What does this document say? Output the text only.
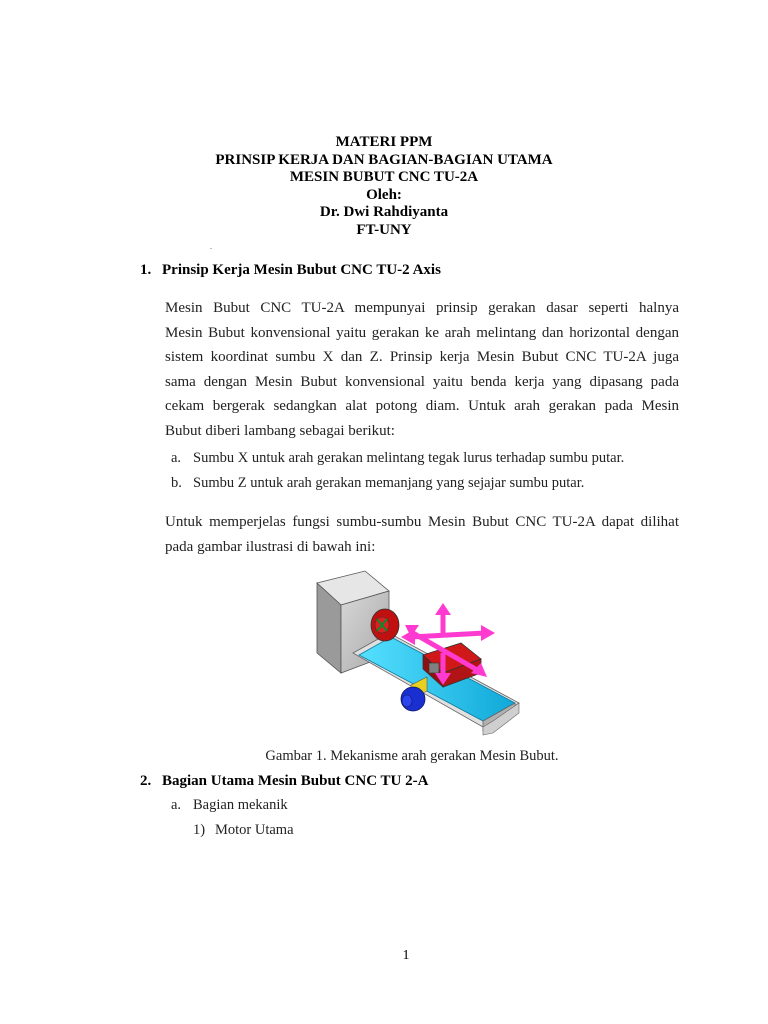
MATERI PPM
PRINSIP KERJA DAN BAGIAN-BAGIAN UTAMA
MESIN BUBUT CNC TU-2A
Oleh:
Dr. Dwi Rahdiyanta
FT-UNY
.
1. Prinsip Kerja Mesin Bubut CNC TU-2 Axis
Mesin Bubut CNC TU-2A mempunyai prinsip gerakan dasar seperti halnya
Mesin Bubut konvensional yaitu gerakan ke arah melintang dan horizontal dengan
sistem koordinat sumbu X dan Z. Prinsip kerja Mesin Bubut CNC TU-2A juga
sama dengan Mesin Bubut konvensional yaitu benda kerja yang dipasang pada
cekam bergerak sedangkan alat potong diam. Untuk arah gerakan pada Mesin
Bubut diberi lambang sebagai berikut:
a. Sumbu X untuk arah gerakan melintang tegak lurus terhadap sumbu putar.
b. Sumbu Z untuk arah gerakan memanjang yang sejajar sumbu putar.
Untuk memperjelas fungsi sumbu-sumbu Mesin Bubut CNC TU-2A dapat dilihat
pada gambar ilustrasi di bawah ini:
Gambar 1. Mekanisme arah gerakan Mesin Bubut.
2. Bagian Utama Mesin Bubut CNC TU 2-A
a. Bagian mekanik
1) Motor Utama
1
